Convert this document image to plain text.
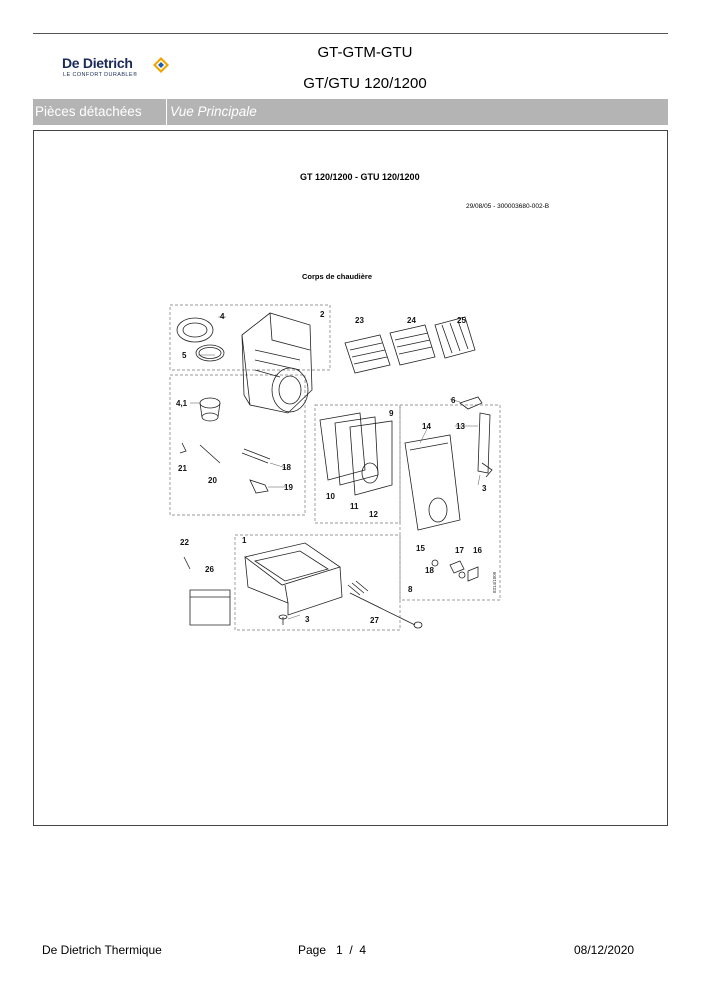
De Dietrich
LE CONFORT DURABLE®
GT-GTM-GTU
GT/GTU 120/1200
Pièces détachées	Vue Principale
GT 120/1200 - GTU 120/1200
29/08/05 - 300003680-002-B
Corps de chaudière
4	2
5
4,1
23	24	25
6
9
14	13
21
20
18
19	3
10
11
12
22	1
15	17 16
18
8
26
3	27
8314/1009
De Dietrich Thermique	Page   1  /  4	08/12/2020
